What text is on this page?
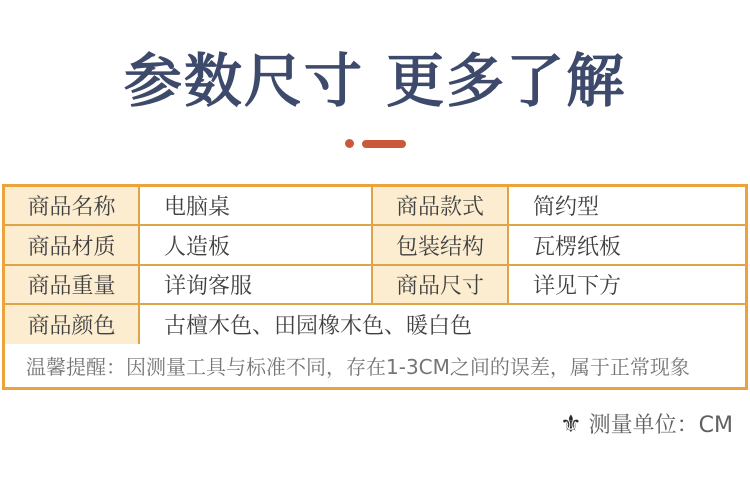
参数尺寸 更多了解
商品名称	电脑桌	商品款式	简约型
商品材质	人造板	包装结构	瓦楞纸板
商品重量	详询客服	商品尺寸	详见下方
商品颜色	古檀木色、田园橡木色、暖白色
温馨提醒：因测量工具与标准不同，存在1-3CM之间的误差，属于正常现象
⚜ 测量单位：CM
